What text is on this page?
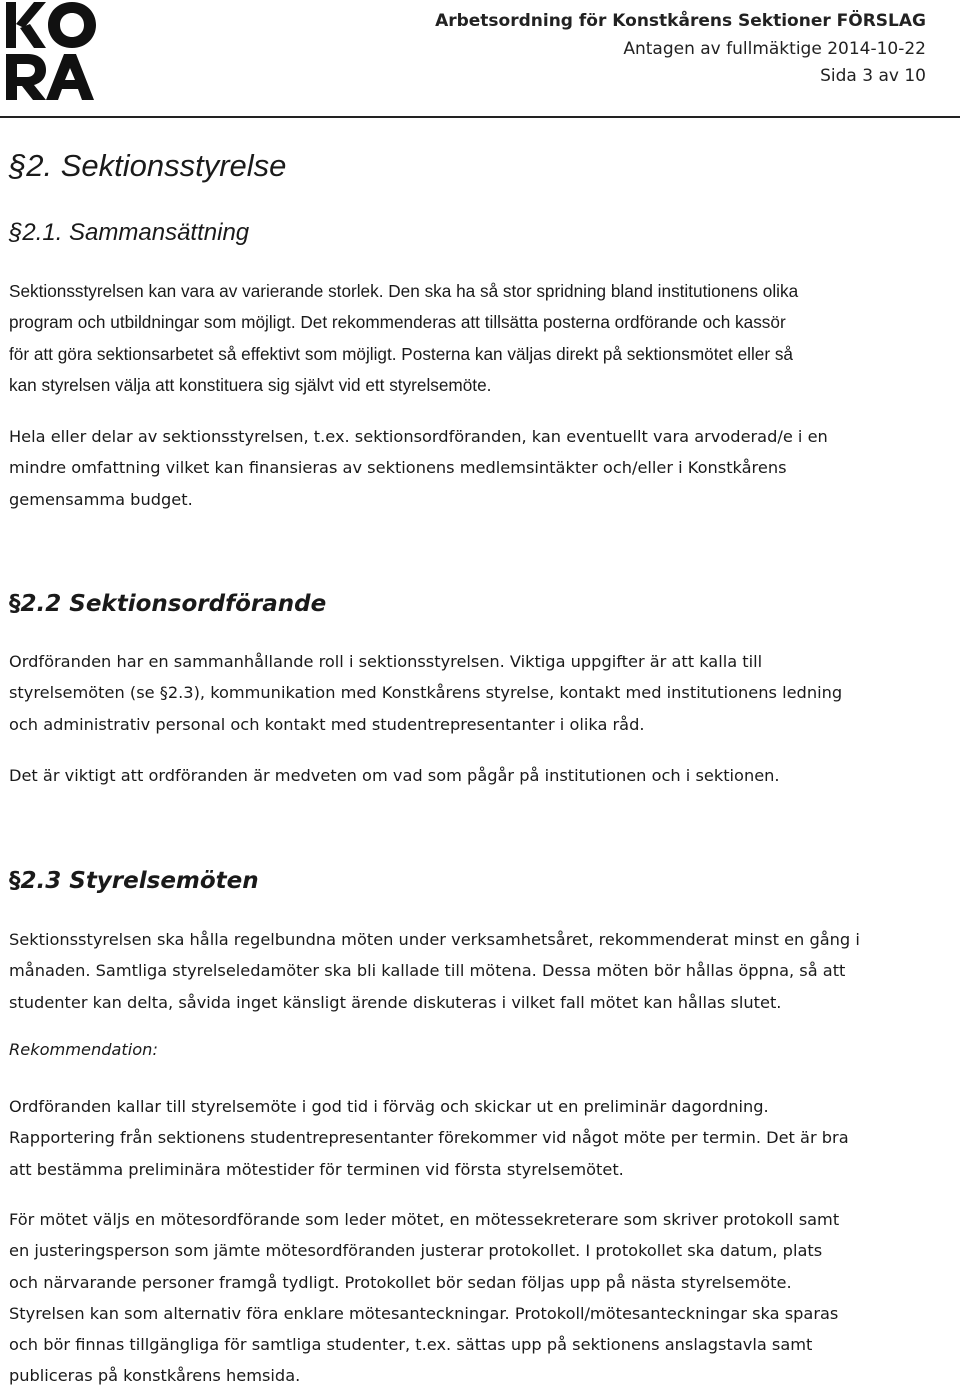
Arbetsordning för Konstkårens Sektioner FÖRSLAG
Antagen av fullmäktige 2014-10-22
Sida 3 av 10
§2. Sektionsstyrelse
§2.1. Sammansättning
Sektionsstyrelsen kan vara av varierande storlek. Den ska ha så stor spridning bland institutionens olika
program och utbildningar som möjligt. Det rekommenderas att tillsätta posterna ordförande och kassör
för att göra sektionsarbetet så effektivt som möjligt. Posterna kan väljas direkt på sektionsmötet eller så
kan styrelsen välja att konstituera sig självt vid ett styrelsemöte.
Hela eller delar av sektionsstyrelsen, t.ex. sektionsordföranden, kan eventuellt vara arvoderad/e i en
mindre omfattning vilket kan finansieras av sektionens medlemsintäkter och/eller i Konstkårens
gemensamma budget.
§2.2 Sektionsordförande
Ordföranden har en sammanhållande roll i sektionsstyrelsen. Viktiga uppgifter är att kalla till
styrelsemöten (se §2.3), kommunikation med Konstkårens styrelse, kontakt med institutionens ledning
och administrativ personal och kontakt med studentrepresentanter i olika råd.
Det är viktigt att ordföranden är medveten om vad som pågår på institutionen och i sektionen.
§2.3 Styrelsemöten
Sektionsstyrelsen ska hålla regelbundna möten under verksamhetsåret, rekommenderat minst en gång i
månaden. Samtliga styrelseledamöter ska bli kallade till mötena. Dessa möten bör hållas öppna, så att
studenter kan delta, såvida inget känsligt ärende diskuteras i vilket fall mötet kan hållas slutet.

Rekommendation:

Ordföranden kallar till styrelsemöte i god tid i förväg och skickar ut en preliminär dagordning.
Rapportering från sektionens studentrepresentanter förekommer vid något möte per termin. Det är bra
att bestämma preliminära mötestider för terminen vid första styrelsemötet.
För mötet väljs en mötesordförande som leder mötet, en mötessekreterare som skriver protokoll samt
en justeringsperson som jämte mötesordföranden justerar protokollet. I protokollet ska datum, plats
och närvarande personer framgå tydligt. Protokollet bör sedan följas upp på nästa styrelsemöte.
Styrelsen kan som alternativ föra enklare mötesanteckningar. Protokoll/mötesanteckningar ska sparas
och bör finnas tillgängliga för samtliga studenter, t.ex. sättas upp på sektionens anslagstavla samt
publiceras på konstkårens hemsida.
